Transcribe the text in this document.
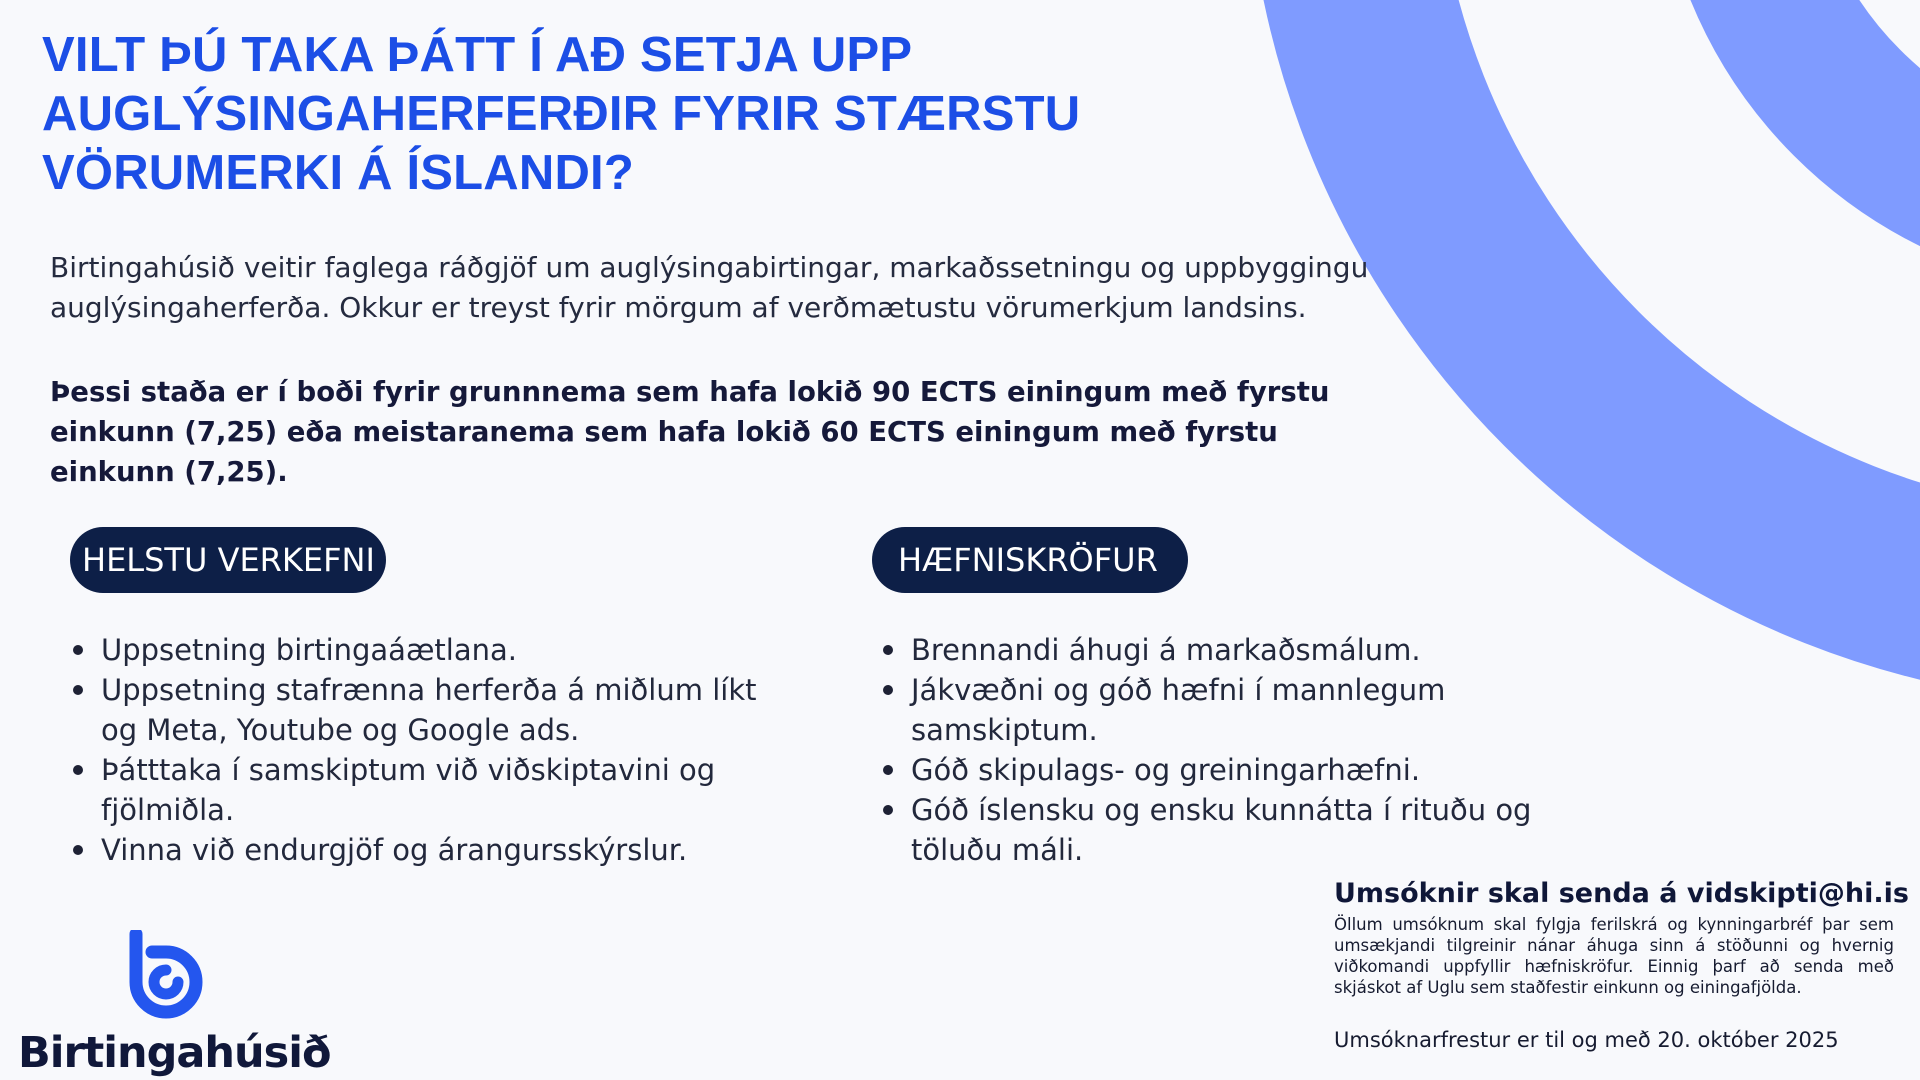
VILT ÞÚ TAKA ÞÁTT Í AÐ SETJA UPP AUGLÝSINGAHERFERÐIR FYRIR STÆRSTU VÖRUMERKI Á ÍSLANDI?

Birtingahúsið veitir faglega ráðgjöf um auglýsingabirtingar, markaðssetningu og uppbyggingu auglýsingaherferða. Okkur er treyst fyrir mörgum af verðmætustu vörumerkjum landsins.

Þessi staða er í boði fyrir grunnnema sem hafa lokið 90 ECTS einingum með fyrstu einkunn (7,25) eða meistaranema sem hafa lokið 60 ECTS einingum með fyrstu einkunn (7,25).

HELSTU VERKEFNI	HÆFNISKRÖFUR
Uppsetning birtingaáætlana.
Uppsetning stafrænna herferða á miðlum líkt og Meta, Youtube og Google ads.
Þátttaka í samskiptum við viðskiptavini og fjölmiðla.
Vinna við endurgjöf og árangursskýrslur.
Brennandi áhugi á markaðsmálum.
Jákvæðni og góð hæfni í mannlegum samskiptum.
Góð skipulags- og greiningarhæfni.
Góð íslensku og ensku kunnátta í rituðu og töluðu máli.
Birtingahúsið

Umsóknir skal senda á vidskipti@hi.is

Öllum umsóknum skal fylgja ferilskrá og kynningarbréf þar sem umsækjandi tilgreinir nánar áhuga sinn á stöðunni og hvernig viðkomandi uppfyllir hæfniskröfur. Einnig þarf að senda með skjáskot af Uglu sem staðfestir einkunn og einingafjölda.

Umsóknarfrestur er til og með 20. október 2025
